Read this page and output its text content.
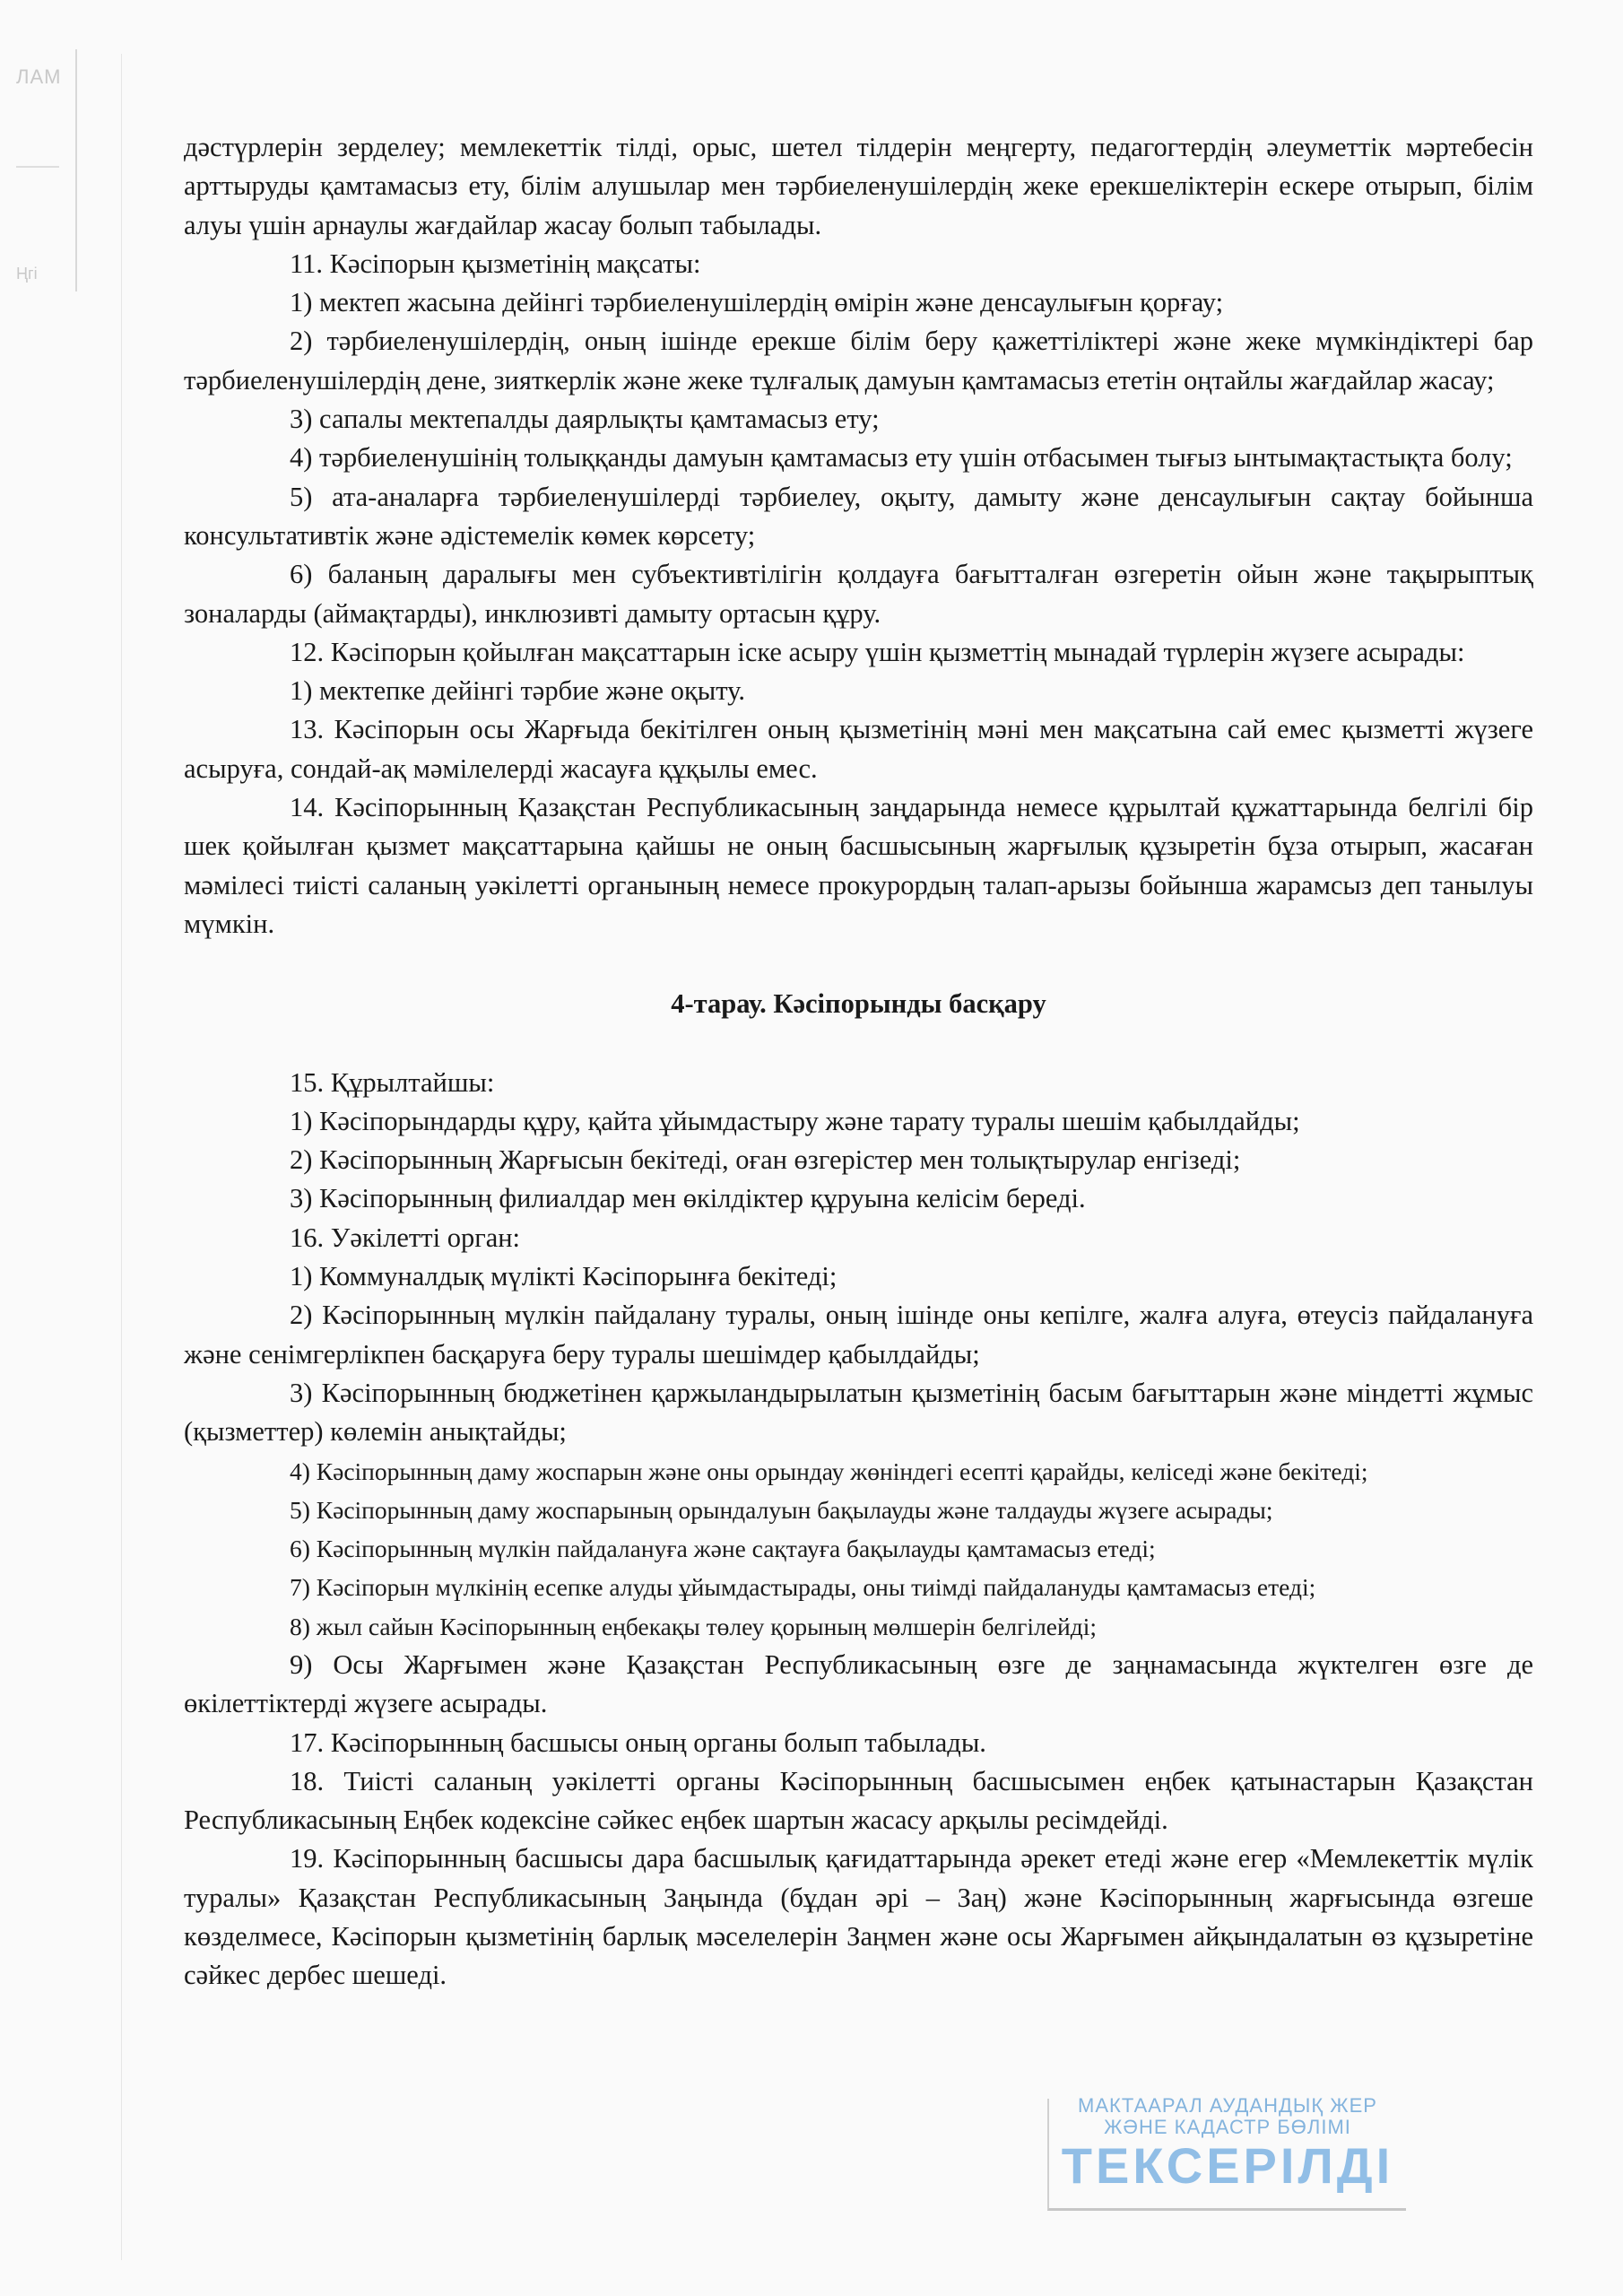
ЛАМ
Ңгі

дәстүрлерін зерделеу; мемлекеттік тілді, орыс, шетел тілдерін меңгерту, педагогтердің әлеуметтік мәртебесін арттыруды қамтамасыз ету, білім алушылар мен тәрбиеленушілердің жеке ерекшеліктерін ескере отырып, білім алуы үшін арнаулы жағдайлар жасау болып табылады.

11. Кәсіпорын қызметінің мақсаты:

1) мектеп жасына дейінгі тәрбиеленушілердің өмірін және денсаулығын қорғау;

2) тәрбиеленушілердің, оның ішінде ерекше білім беру қажеттіліктері және жеке мүмкіндіктері бар тәрбиеленушілердің дене, зияткерлік және жеке тұлғалық дамуын қамтамасыз ететін оңтайлы жағдайлар жасау;

3) сапалы мектепалды даярлықты қамтамасыз ету;

4) тәрбиеленушінің толыққанды дамуын қамтамасыз ету үшін отбасымен тығыз ынтымақтастықта болу;

5) ата-аналарға тәрбиеленушілерді тәрбиелеу, оқыту, дамыту және денсаулығын сақтау бойынша консультативтік және әдістемелік көмек көрсету;

6) баланың даралығы мен субъективтілігін қолдауға бағытталған өзгеретін ойын және тақырыптық зоналарды (аймақтарды), инклюзивті дамыту ортасын құру.

12. Кәсіпорын қойылған мақсаттарын іске асыру үшін қызметтің мынадай түрлерін жүзеге асырады:

1) мектепке дейінгі тәрбие және оқыту.

13. Кәсіпорын осы Жарғыда бекітілген оның қызметінің мәні мен мақсатына сай емес қызметті жүзеге асыруға, сондай-ақ мәмілелерді жасауға құқылы емес.

14. Кәсіпорынның Қазақстан Республикасының заңдарында немесе құрылтай құжаттарында белгілі бір шек қойылған қызмет мақсаттарына қайшы не оның басшысының жарғылық құзыретін бұза отырып, жасаған мәмілесі тиісті саланың уәкілетті органының немесе прокурордың талап-арызы бойынша жарамсыз деп танылуы мүмкін.

4-тарау. Кәсіпорынды басқару

15. Құрылтайшы:

1) Кәсіпорындарды құру, қайта ұйымдастыру және тарату туралы шешім қабылдайды;

2) Кәсіпорынның Жарғысын бекітеді, оған өзгерістер мен толықтырулар енгізеді;

3) Кәсіпорынның филиалдар мен өкілдіктер құруына келісім береді.

16. Уәкілетті орган:

1) Коммуналдық мүлікті Кәсіпорынға бекітеді;

2) Кәсіпорынның мүлкін пайдалану туралы, оның ішінде оны кепілге, жалға алуға, өтеусіз пайдалануға және сенімгерлікпен басқаруға беру туралы шешімдер қабылдайды;

3) Кәсіпорынның бюджетінен қаржыландырылатын қызметінің басым бағыттарын және міндетті жұмыс (қызметтер) көлемін анықтайды;

4) Кәсіпорынның даму жоспарын және оны орындау жөніндегі есепті қарайды, келіседі және бекітеді;

5) Кәсіпорынның даму жоспарының орындалуын бақылауды және талдауды жүзеге асырады;

6) Кәсіпорынның мүлкін пайдалануға және сақтауға бақылауды қамтамасыз етеді;

7) Кәсіпорын мүлкінің есепке алуды ұйымдастырады, оны тиімді пайдалануды қамтамасыз етеді;

8) жыл сайын Кәсіпорынның еңбекақы төлеу қорының мөлшерін белгілейді;

9) Осы Жарғымен және Қазақстан Республикасының өзге де заңнамасында жүктелген өзге де өкілеттіктерді жүзеге асырады.

17. Кәсіпорынның басшысы оның органы болып табылады.

18. Тиісті саланың уәкілетті органы Кәсіпорынның басшысымен еңбек қатынастарын Қазақстан Республикасының Еңбек кодексіне сәйкес еңбек шартын жасасу арқылы ресімдейді.

19. Кәсіпорынның басшысы дара басшылық қағидаттарында әрекет етеді және егер «Мемлекеттік мүлік туралы» Қазақстан Республикасының Заңында (бұдан әрі – Заң) және Кәсіпорынның жарғысында өзгеше көзделмесе, Кәсіпорын қызметінің барлық мәселелерін Заңмен және осы Жарғымен айқындалатын өз құзыретіне сәйкес дербес шешеді.

МАКТААРАЛ АУДАНДЫҚ ЖЕР
ЖӘНЕ КАДАСТР БӨЛІМІ
ТЕКСЕРІЛДІ
